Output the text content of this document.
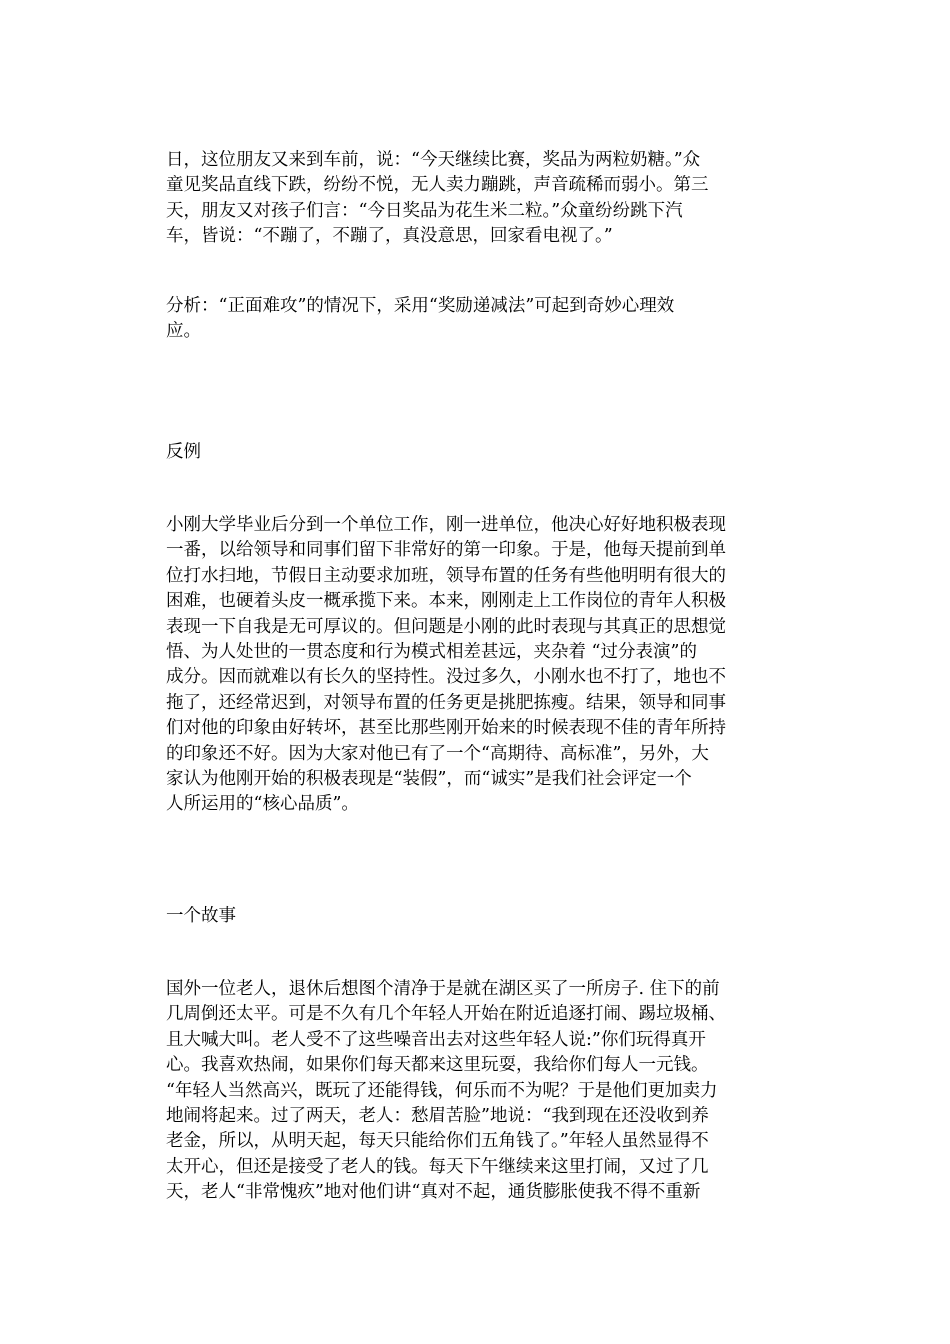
日，这位朋友又来到车前，说：“今天继续比赛，奖品为两粒奶糖。”众
童见奖品直线下跌，纷纷不悦，无人卖力蹦跳，声音疏稀而弱小。第三
天，朋友又对孩子们言：“今日奖品为花生米二粒。”众童纷纷跳下汽
车，皆说：“不蹦了，不蹦了，真没意思，回家看电视了。”

分析：“正面难攻”的情况下，采用“奖励递减法”可起到奇妙心理效
应。

反例

小刚大学毕业后分到一个单位工作，刚一进单位，他决心好好地积极表现
一番，以给领导和同事们留下非常好的第一印象。于是，他每天提前到单
位打水扫地，节假日主动要求加班，领导布置的任务有些他明明有很大的
困难，也硬着头皮一概承揽下来。本来，刚刚走上工作岗位的青年人积极
表现一下自我是无可厚议的。但问题是小刚的此时表现与其真正的思想觉
悟、为人处世的一贯态度和行为模式相差甚远，夹杂着 “过分表演”的
成分。因而就难以有长久的坚持性。没过多久，小刚水也不打了，地也不
拖了，还经常迟到，对领导布置的任务更是挑肥拣瘦。结果，领导和同事
们对他的印象由好转坏，甚至比那些刚开始来的时候表现不佳的青年所持
的印象还不好。因为大家对他已有了一个“高期待、高标准”，另外，大
家认为他刚开始的积极表现是“装假”，而“诚实”是我们社会评定一个
人所运用的“核心品质”。

一个故事

国外一位老人，退休后想图个清净于是就在湖区买了一所房子. 住下的前
几周倒还太平。可是不久有几个年轻人开始在附近追逐打闹、踢垃圾桶、
且大喊大叫。老人受不了这些噪音出去对这些年轻人说:”你们玩得真开
心。我喜欢热闹，如果你们每天都来这里玩耍，我给你们每人一元钱。
“年轻人当然高兴，既玩了还能得钱，何乐而不为呢？于是他们更加卖力
地闹将起来。过了两天，老人：愁眉苦脸”地说：“我到现在还没收到养
老金，所以，从明天起，每天只能给你们五角钱了。”年轻人虽然显得不
太开心，但还是接受了老人的钱。每天下午继续来这里打闹，又过了几
天，老人“非常愧疚”地对他们讲“真对不起，通货膨胀使我不得不重新
